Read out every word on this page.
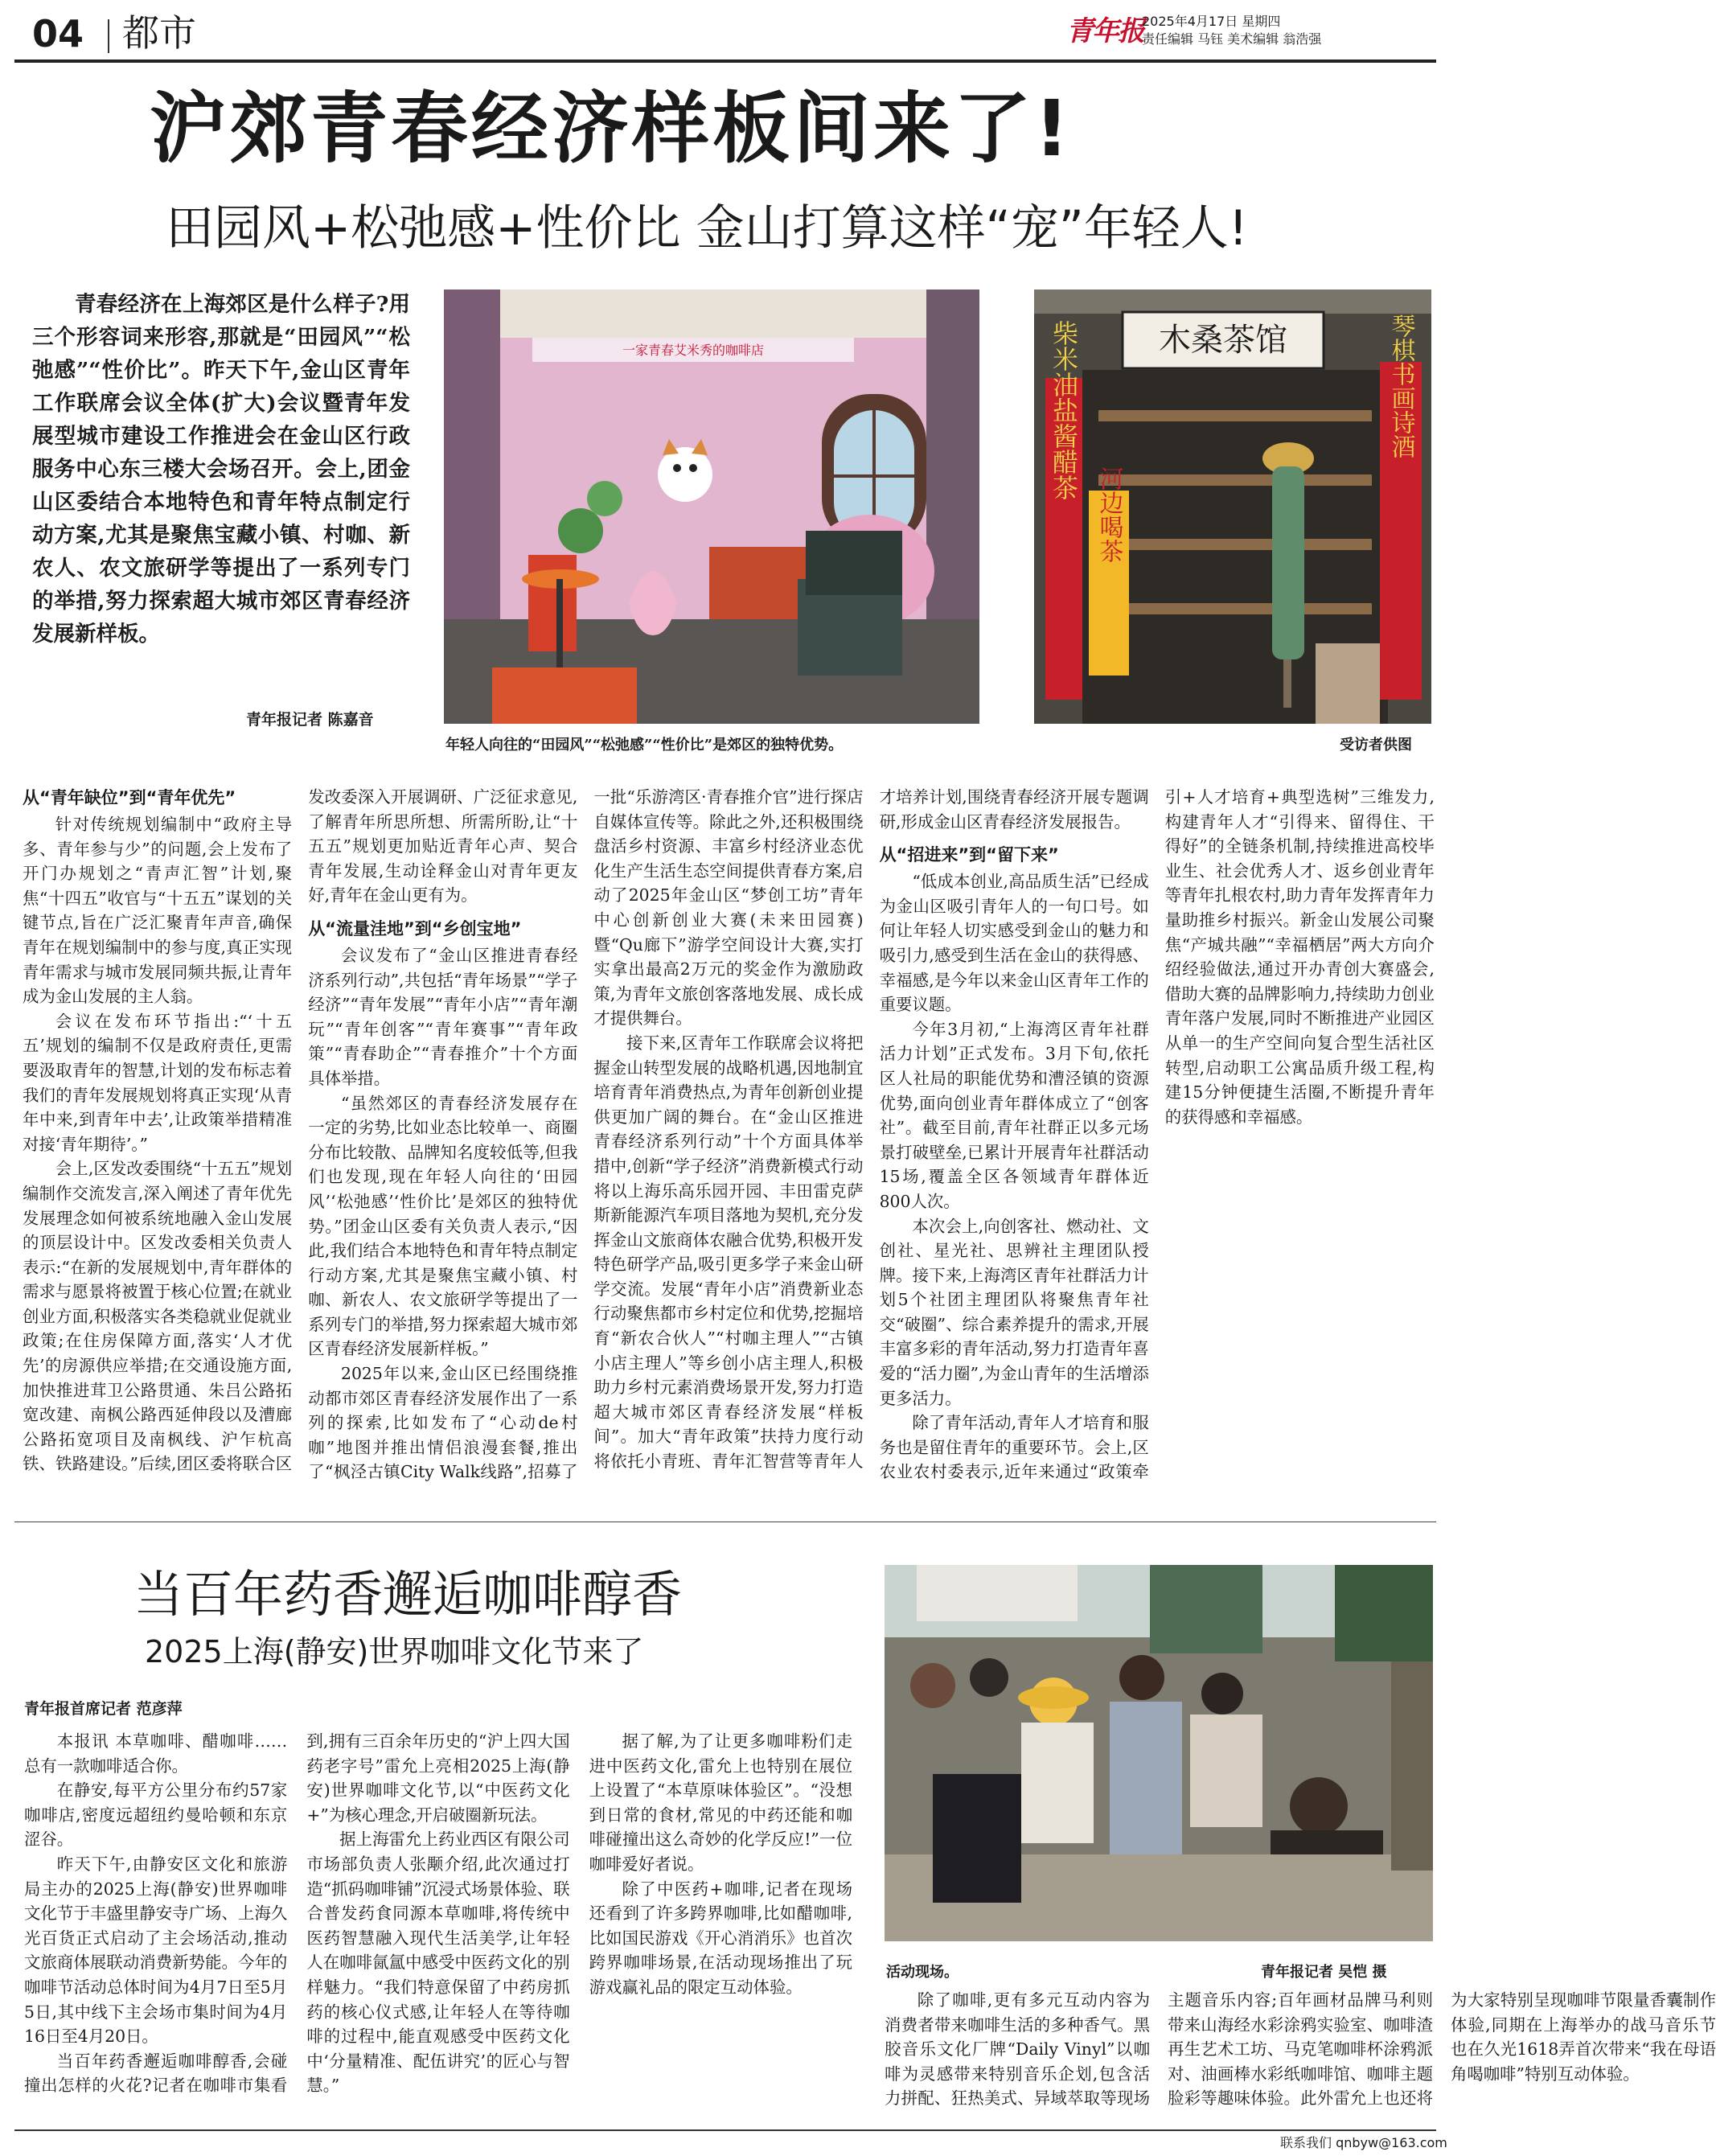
04 都市	青年报
2025年4月17日 星期四
责任编辑 马钰 美术编辑 翁浩强
沪郊青春经济样板间来了!
田园风+松弛感+性价比 金山打算这样“宠”年轻人!

青春经济在上海郊区是什么样子?用三个形容词来形容,那就是“田园风”“松弛感”“性价比”。昨天下午,金山区青年工作联席会议全体(扩大)会议暨青年发展型城市建设工作推进会在金山区行政服务中心东三楼大会场召开。会上,团金山区委结合本地特色和青年特点制定行动方案,尤其是聚焦宝藏小镇、村咖、新农人、农文旅研学等提出了一系列专门的举措,努力探索超大城市郊区青春经济发展新样板。

青年报记者 陈嘉音
一家青春艾米秀的咖啡店	木桑茶馆
柴米油盐酱醋茶
河边喝茶
琴棋书画诗酒
年轻人向往的“田园风”“松弛感”“性价比”是郊区的独特优势。	受访者供图
从“青年缺位”到“青年优先”

针对传统规划编制中“政府主导多、青年参与少”的问题,会上发布了开门办规划之“青声汇智”计划,聚焦“十四五”收官与“十五五”谋划的关键节点,旨在广泛汇聚青年声音,确保青年在规划编制中的参与度,真正实现青年需求与城市发展同频共振,让青年成为金山发展的主人翁。

会议在发布环节指出:“‘十五五’规划的编制不仅是政府责任,更需要汲取青年的智慧,计划的发布标志着我们的青年发展规划将真正实现‘从青年中来,到青年中去’,让政策举措精准对接‘青年期待’。”

会上,区发改委围绕“十五五”规划编制作交流发言,深入阐述了青年优先发展理念如何被系统地融入金山发展的顶层设计中。区发改委相关负责人表示:“在新的发展规划中,青年群体的需求与愿景将被置于核心位置;在就业创业方面,积极落实各类稳就业促就业政策;在住房保障方面,落实‘人才优先’的房源供应举措;在交通设施方面,加快推进茸卫公路贯通、朱吕公路拓宽改建、南枫公路西延伸段以及漕廊公路拓宽项目及南枫线、沪乍杭高铁、铁路建设。”后续,团区委将联合区发改委深入开展调研、广泛征求意见,了解青年所思所想、所需所盼,让“十五五”规划更加贴近青年心声、契合青年发展,生动诠释金山对青年更友好,青年在金山更有为。

从“流量洼地”到“乡创宝地”

会议发布了“金山区推进青春经济系列行动”,共包括“青年场景”“学子经济”“青年发展”“青年小店”“青年潮玩”“青年创客”“青年赛事”“青年政策”“青春助企”“青春推介”十个方面具体举措。

“虽然郊区的青春经济发展存在一定的劣势,比如业态比较单一、商圈分布比较散、品牌知名度较低等,但我们也发现,现在年轻人向往的‘田园风’‘松弛感’‘性价比’是郊区的独特优势。”团金山区委有关负责人表示,“因此,我们结合本地特色和青年特点制定行动方案,尤其是聚焦宝藏小镇、村咖、新农人、农文旅研学等提出了一系列专门的举措,努力探索超大城市郊区青春经济发展新样板。”

2025年以来,金山区已经围绕推动都市郊区青春经济发展作出了一系列的探索,比如发布了“心动de村咖”地图并推出情侣浪漫套餐,推出了“枫泾古镇City Walk线路”,招募了一批“乐游湾区·青春推介官”进行探店自媒体宣传等。除此之外,还积极围绕盘活乡村资源、丰富乡村经济业态优化生产生活生态空间提供青春方案,启动了2025年金山区“梦创工坊”青年中心创新创业大赛(未来田园赛)暨“Qu廊下”游学空间设计大赛,实打实拿出最高2万元的奖金作为激励政策,为青年文旅创客落地发展、成长成才提供舞台。

接下来,区青年工作联席会议将把握金山转型发展的战略机遇,因地制宜培育青年消费热点,为青年创新创业提供更加广阔的舞台。在“金山区推进青春经济系列行动”十个方面具体举措中,创新“学子经济”消费新模式行动将以上海乐高乐园开园、丰田雷克萨斯新能源汽车项目落地为契机,充分发挥金山文旅商体农融合优势,积极开发特色研学产品,吸引更多学子来金山研学交流。发展“青年小店”消费新业态行动聚焦都市乡村定位和优势,挖掘培育“新农合伙人”“村咖主理人”“古镇小店主理人”等乡创小店主理人,积极助力乡村元素消费场景开发,努力打造超大城市郊区青春经济发展“样板间”。加大“青年政策”扶持力度行动将依托小青班、青年汇智营等青年人才培养计划,围绕青春经济开展专题调研,形成金山区青春经济发展报告。

从“招进来”到“留下来”

“低成本创业,高品质生活”已经成为金山区吸引青年人的一句口号。如何让年轻人切实感受到金山的魅力和吸引力,感受到生活在金山的获得感、幸福感,是今年以来金山区青年工作的重要议题。

今年3月初,“上海湾区青年社群活力计划”正式发布。3月下旬,依托区人社局的职能优势和漕泾镇的资源优势,面向创业青年群体成立了“创客社”。截至目前,青年社群正以多元场景打破壁垒,已累计开展青年社群活动15场,覆盖全区各领域青年群体近800人次。

本次会上,向创客社、燃动社、文创社、星光社、思辨社主理团队授牌。接下来,上海湾区青年社群活力计划5个社团主理团队将聚焦青年社交“破圈”、综合素养提升的需求,开展丰富多彩的青年活动,努力打造青年喜爱的“活力圈”,为金山青年的生活增添更多活力。

除了青年活动,青年人才培育和服务也是留住青年的重要环节。会上,区农业农村委表示,近年来通过“政策牵引+人才培育+典型选树”三维发力,构建青年人才“引得来、留得住、干得好”的全链条机制,持续推进高校毕业生、社会优秀人才、返乡创业青年等青年扎根农村,助力青年发挥青年力量助推乡村振兴。新金山发展公司聚焦“产城共融”“幸福栖居”两大方向介绍经验做法,通过开办青创大赛盛会,借助大赛的品牌影响力,持续助力创业青年落户发展,同时不断推进产业园区从单一的生产空间向复合型生活社区转型,启动职工公寓品质升级工程,构建15分钟便捷生活圈,不断提升青年的获得感和幸福感。

当百年药香邂逅咖啡醇香
2025上海(静安)世界咖啡文化节来了
活动现场。	青年报记者 吴恺 摄
青年报首席记者 范彦萍

本报讯 本草咖啡、醋咖啡……总有一款咖啡适合你。

在静安,每平方公里分布约57家咖啡店,密度远超纽约曼哈顿和东京涩谷。

昨天下午,由静安区文化和旅游局主办的2025上海(静安)世界咖啡文化节于丰盛里静安寺广场、上海久光百货正式启动了主会场活动,推动文旅商体展联动消费新势能。今年的咖啡节活动总体时间为4月7日至5月5日,其中线下主会场市集时间为4月16日至4月20日。

当百年药香邂逅咖啡醇香,会碰撞出怎样的火花?记者在咖啡市集看到,拥有三百余年历史的“沪上四大国药老字号”雷允上亮相2025上海(静安)世界咖啡文化节,以“中医药文化+”为核心理念,开启破圈新玩法。

据上海雷允上药业西区有限公司市场部负责人张颙介绍,此次通过打造“抓码咖啡铺”沉浸式场景体验、联合普发药食同源本草咖啡,将传统中医药智慧融入现代生活美学,让年轻人在咖啡氤氲中感受中医药文化的别样魅力。“我们特意保留了中药房抓药的核心仪式感,让年轻人在等待咖啡的过程中,能直观感受中医药文化中‘分量精准、配伍讲究’的匠心与智慧。”

据了解,为了让更多咖啡粉们走进中医药文化,雷允上也特别在展位上设置了“本草原味体验区”。“没想到日常的食材,常见的中药还能和咖啡碰撞出这么奇妙的化学反应!”一位咖啡爱好者说。

除了中医药+咖啡,记者在现场还看到了许多跨界咖啡,比如醋咖啡,比如国民游戏《开心消消乐》也首次跨界咖啡场景,在活动现场推出了玩游戏赢礼品的限定互动体验。

除了咖啡,更有多元互动内容为消费者带来咖啡生活的多种香气。黑胶音乐文化厂牌“Daily Vinyl”以咖啡为灵感带来特别音乐企划,包含活力拼配、狂热美式、异域萃取等现场主题音乐内容;百年画材品牌马利则带来山海经水彩涂鸦实验室、咖啡渣再生艺术工坊、马克笔咖啡杯涂鸦派对、油画棒水彩纸咖啡馆、咖啡主题脸彩等趣味体验。此外雷允上也还将为大家特别呈现咖啡节限量香囊制作体验,同期在上海举办的战马音乐节也在久光1618弄首次带来“我在母语角喝咖啡”特别互动体验。

联系我们 qnbyw@163.com
